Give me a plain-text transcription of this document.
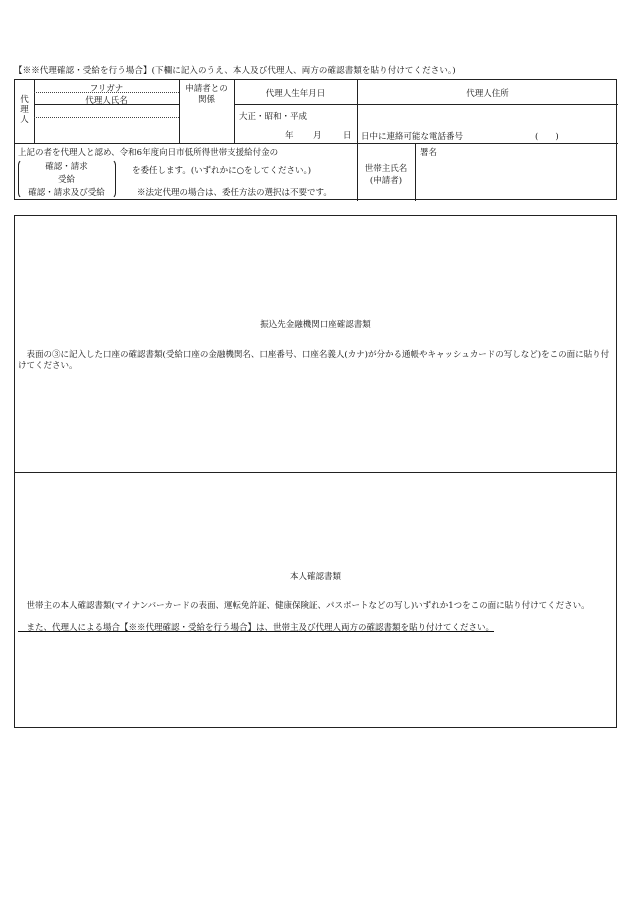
【※※代理確認・受給を行う場合】(下欄に記入のうえ、本人及び代理人、両方の確認書類を貼り付けてください。)
代
理
人
フリガナ
代理人氏名
申請者との
関係
代理人生年月日
大正・昭和・平成
年 月	日
代理人住所
日中に連絡可能な電話番号	(　　)
上記の者を代理人と認め、令和6年度向日市低所得世帯支援給付金の
確認・請求
受給
確認・請求及び受給
を委任します。(いずれかに○をしてください。)
※法定代理の場合は、委任方法の選択は不要です。
世帯主氏名
(申請者)
署名
振込先金融機関口座確認書類
　表面の③に記入した口座の確認書類(受給口座の金融機関名、口座番号、口座名義人(カナ)が分かる通帳やキャッシュカードの写しなど)をこの面に貼り付けてください。
本人確認書類
　世帯主の本人確認書類(マイナンバーカードの表面、運転免許証、健康保険証、パスポートなどの写し)いずれか1つをこの面に貼り付けてください。
　また、代理人による場合【※※代理確認・受給を行う場合】は、世帯主及び代理人両方の確認書類を貼り付けてください。
